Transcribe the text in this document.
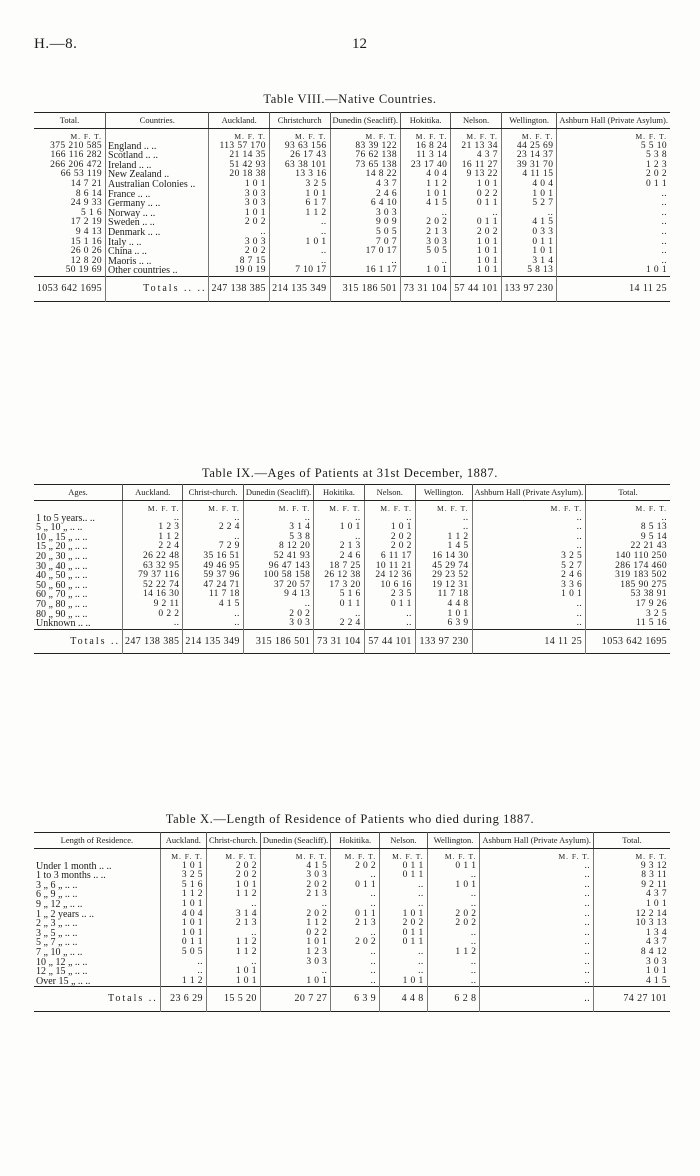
H.—8.	12
Table VIII.—Native Countries.
Total.	Countries.	Auckland.	Christchurch	Dunedin (Seacliff).	Hokitika.	Nelson.	Wellington.	Ashburn Hall (Private Asylum).
M. F. T.		M. F. T.	M. F. T.	M. F. T.	M. F. T.	M. F. T.	M. F. T.	M. F. T.
375 210 585	England .. ..	113 57 170	93 63 156	83 39 122	16 8 24	21 13 34	44 25 69	5 5 10
166 116 282	Scotland .. ..	21 14 35	26 17 43	76 62 138	11 3 14	4 3 7	23 14 37	5 3 8
266 206 472	Ireland .. ..	51 42 93	63 38 101	73 65 138	23 17 40	16 11 27	39 31 70	1 2 3
66 53 119	New Zealand ..	20 18 38	13 3 16	14 8 22	4 0 4	9 13 22	4 11 15	2 0 2
14 7 21	Australian Colonies ..	1 0 1	3 2 5	4 3 7	1 1 2	1 0 1	4 0 4	0 1 1
8 6 14	France .. ..	3 0 3	1 0 1	2 4 6	1 0 1	0 2 2	1 0 1	..
24 9 33	Germany .. ..	3 0 3	6 1 7	6 4 10	4 1 5	0 1 1	5 2 7	..
5 1 6	Norway .. ..	1 0 1	1 1 2	3 0 3	..	..	..	..
17 2 19	Sweden .. ..	2 0 2	..	9 0 9	2 0 2	0 1 1	4 1 5	..
9 4 13	Denmark .. ..	..	..	5 0 5	2 1 3	2 0 2	0 3 3	..
15 1 16	Italy .. ..	3 0 3	1 0 1	7 0 7	3 0 3	1 0 1	0 1 1	..
26 0 26	China .. ..	2 0 2	..	17 0 17	5 0 5	1 0 1	1 0 1	..
12 8 20	Maoris .. ..	8 7 15	..	..	..	1 0 1	3 1 4	..
50 19 69	Other countries ..	19 0 19	7 10 17	16 1 17	1 0 1	1 0 1	5 8 13	1 0 1
1053 642 1695	Totals .. ..	247 138 385	214 135 349	315 186 501	73 31 104	57 44 101	133 97 230	14 11 25
Table IX.—Ages of Patients at 31st December, 1887.
Ages.	Auckland.	Christ-church.	Dunedin (Seacliff).	Hokitika.	Nelson.	Wellington.	Ashburn Hall (Private Asylum).	Total.
	M. F. T.	M. F. T.	M. F. T.	M. F. T.	M. F. T.	M. F. T.	M. F. T.	M. F. T.
1 to 5 years.. ..	..	..	..	..	..	..	..	..
5 „ 10 „ .. ..	1 2 3	2 2 4	3 1 4	1 0 1	1 0 1	..	..	8 5 13
10 „ 15 „ .. ..	1 1 2	..	5 3 8	..	2 0 2	1 1 2	..	9 5 14
15 „ 20 „ .. ..	2 2 4	7 2 9	8 12 20	2 1 3	2 0 2	1 4 5	..	22 21 43
20 „ 30 „ .. ..	26 22 48	35 16 51	52 41 93	2 4 6	6 11 17	16 14 30	3 2 5	140 110 250
30 „ 40 „ .. ..	63 32 95	49 46 95	96 47 143	18 7 25	10 11 21	45 29 74	5 2 7	286 174 460
40 „ 50 „ .. ..	79 37 116	59 37 96	100 58 158	26 12 38	24 12 36	29 23 52	2 4 6	319 183 502
50 „ 60 „ .. ..	52 22 74	47 24 71	37 20 57	17 3 20	10 6 16	19 12 31	3 3 6	185 90 275
60 „ 70 „ .. ..	14 16 30	11 7 18	9 4 13	5 1 6	2 3 5	11 7 18	1 0 1	53 38 91
70 „ 80 „ .. ..	9 2 11	4 1 5	..	0 1 1	0 1 1	4 4 8	..	17 9 26
80 „ 90 „ .. ..	0 2 2	..	2 0 2	..	..	1 0 1	..	3 2 5
Unknown .. ..	..	..	3 0 3	2 2 4	..	6 3 9	..	11 5 16
Totals ..	247 138 385	214 135 349	315 186 501	73 31 104	57 44 101	133 97 230	14 11 25	1053 642 1695
Table X.—Length of Residence of Patients who died during 1887.
Length of Residence.	Auckland.	Christ-church.	Dunedin (Seacliff).	Hokitika.	Nelson.	Wellington.	Ashburn Hall (Private Asylum).	Total.
	M. F. T.	M. F. T.	M. F. T.	M. F. T.	M. F. T.	M. F. T.	M. F. T.	M. F. T.
Under 1 month .. ..	1 0 1	2 0 2	4 1 5	2 0 2	0 1 1	0 1 1	..	9 3 12
1 to 3 months .. ..	3 2 5	2 0 2	3 0 3	..	0 1 1	..	..	8 3 11
3 „ 6 „ .. ..	5 1 6	1 0 1	2 0 2	0 1 1	..	1 0 1	..	9 2 11
6 „ 9 „ .. ..	1 1 2	1 1 2	2 1 3	..	..	..	..	4 3 7
9 „ 12 „ .. ..	1 0 1	..	..	..	..	..	..	1 0 1
1 „ 2 years .. ..	4 0 4	3 1 4	2 0 2	0 1 1	1 0 1	2 0 2	..	12 2 14
2 „ 3 „ .. ..	1 0 1	2 1 3	1 1 2	2 1 3	2 0 2	2 0 2	..	10 3 13
3 „ 5 „ .. ..	1 0 1	..	0 2 2	..	0 1 1	..	..	1 3 4
5 „ 7 „ .. ..	0 1 1	1 1 2	1 0 1	2 0 2	0 1 1	..	..	4 3 7
7 „ 10 „ .. ..	5 0 5	1 1 2	1 2 3	..	..	1 1 2	..	8 4 12
10 „ 12 „ .. ..	..	..	3 0 3	..	..	..	..	3 0 3
12 „ 15 „ .. ..	..	1 0 1	..	..	..	..	..	1 0 1
Over 15 „ .. ..	1 1 2	1 0 1	1 0 1	..	1 0 1	..	..	4 1 5
Totals ..	23 6 29	15 5 20	20 7 27	6 3 9	4 4 8	6 2 8	..	74 27 101
